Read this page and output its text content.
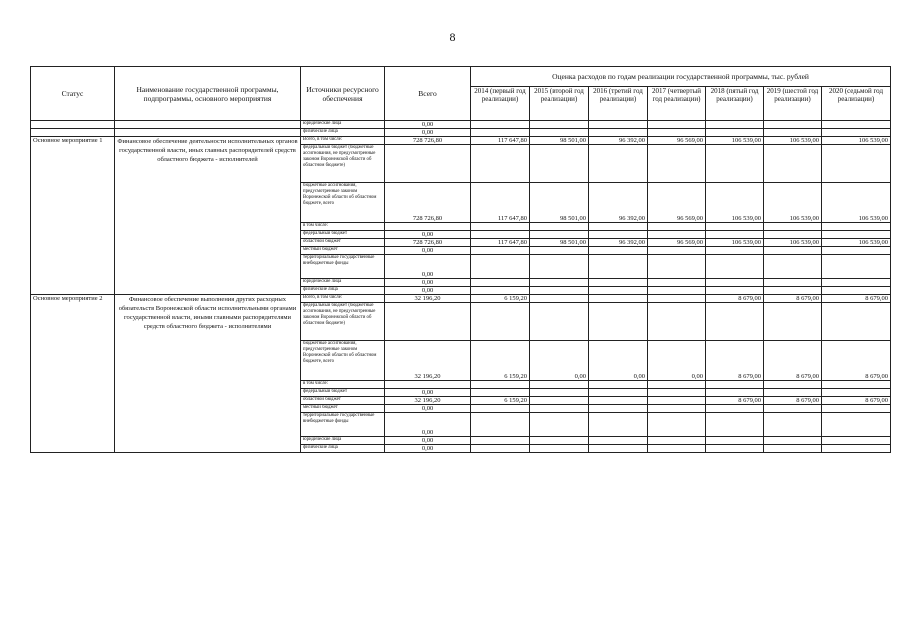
8
Статус	Наименование государственной программы, подпрограммы, основного мероприятия	Источники ресурсного обеспечения	Всего	Оценка расходов по годам реализации государственной программы, тыс. рублей						
				2014 (первый год реализации)	2015 (второй год реализации)	2016 (третий год реализации)	2017 (четвертый год реализации)	2018 (пятый год реализации)	2019 (шестой год реализации)	2020 (седьмой год реализации)
		юридические лица	0,00							
		физические лица	0,00							
Основное мероприятие 1	Финансовое обеспечение деятельности исполнительных органов государственной власти, иных главных распорядителей средств областного бюджета - исполнителей	Всего, в том числе:	728 726,80	117 647,80	98 501,00	96 392,00	96 569,00	106 539,00	106 539,00	106 539,00
		федеральный бюджет (бюджетные ассигнования, не предусмотренные законом Воронежской области об областном бюджете)								
		бюджетные ассигнования, предусмотренные законом Воронежской области об областном бюджете, всего	728 726,80	117 647,80	98 501,00	96 392,00	96 569,00	106 539,00	106 539,00	106 539,00
		в том числе:								
		федеральный бюджет	0,00							
		областной бюджет	728 726,80	117 647,80	98 501,00	96 392,00	96 569,00	106 539,00	106 539,00	106 539,00
		местный бюджет	0,00							
		территориальные государственные внебюджетные фонды	0,00							
		юридические лица	0,00							
		физические лица	0,00							
Основное мероприятие 2	Финансовое обеспечение выполнения других расходных обязательств Воронежской области исполнительными органами государственной власти, иными главными распорядителями средств областного бюджета - исполнителями	Всего, в том числе:	32 196,20	6 159,20				8 679,00	8 679,00	8 679,00
		федеральный бюджет (бюджетные ассигнования, не предусмотренные законом Воронежской области об областном бюджете)								
		бюджетные ассигнования, предусмотренные законом Воронежской области об областном бюджете, всего	32 196,20	6 159,20	0,00	0,00	0,00	8 679,00	8 679,00	8 679,00
		в том числе:								
		федеральный бюджет	0,00							
		областной бюджет	32 196,20	6 159,20				8 679,00	8 679,00	8 679,00
		местный бюджет	0,00							
		территориальные государственные внебюджетные фонды	0,00							
		юридические лица	0,00							
		физические лица	0,00							
